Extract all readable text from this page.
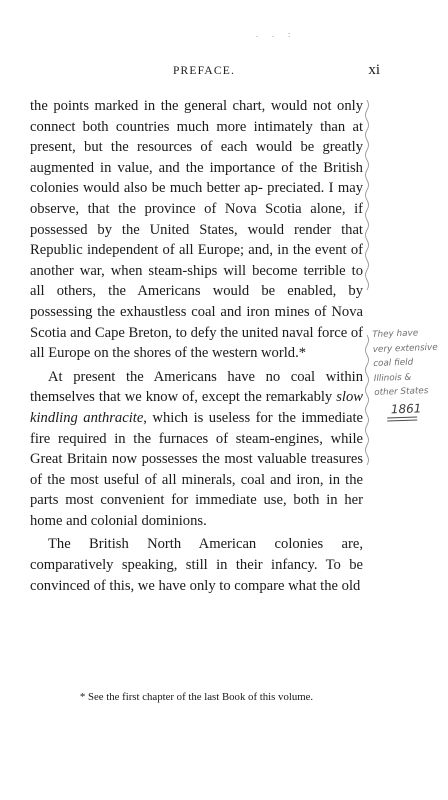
. . :
PREFACE.	xi

the points marked in the general chart, would not only connect both countries much more intimately than at present, but the resources of each would be greatly augmented in value, and the importance of the British colonies would also be much better ap- preciated. I may observe, that the province of Nova Scotia alone, if possessed by the United States, would render that Republic independent of all Europe; and, in the event of another war, when steam-ships will become terrible to all others, the Americans would be enabled, by possessing the exhaustless coal and iron mines of Nova Scotia and Cape Breton, to defy the united naval force of all Europe on the shores of the western world.*

At present the Americans have no coal within themselves that we know of, except the remarkably slow kindling anthracite, which is useless for the immediate fire required in the furnaces of steam-engines, while Great Britain now possesses the most valuable treasures of the most useful of all minerals, coal and iron, in the parts most convenient for immediate use, both in her home and colonial dominions.

The British North American colonies are, comparatively speaking, still in their infancy. To be convinced of this, we have only to compare what the old

They have
very extensive
coal field
Illinois &
other States
1861
* See the first chapter of the last Book of this volume.
